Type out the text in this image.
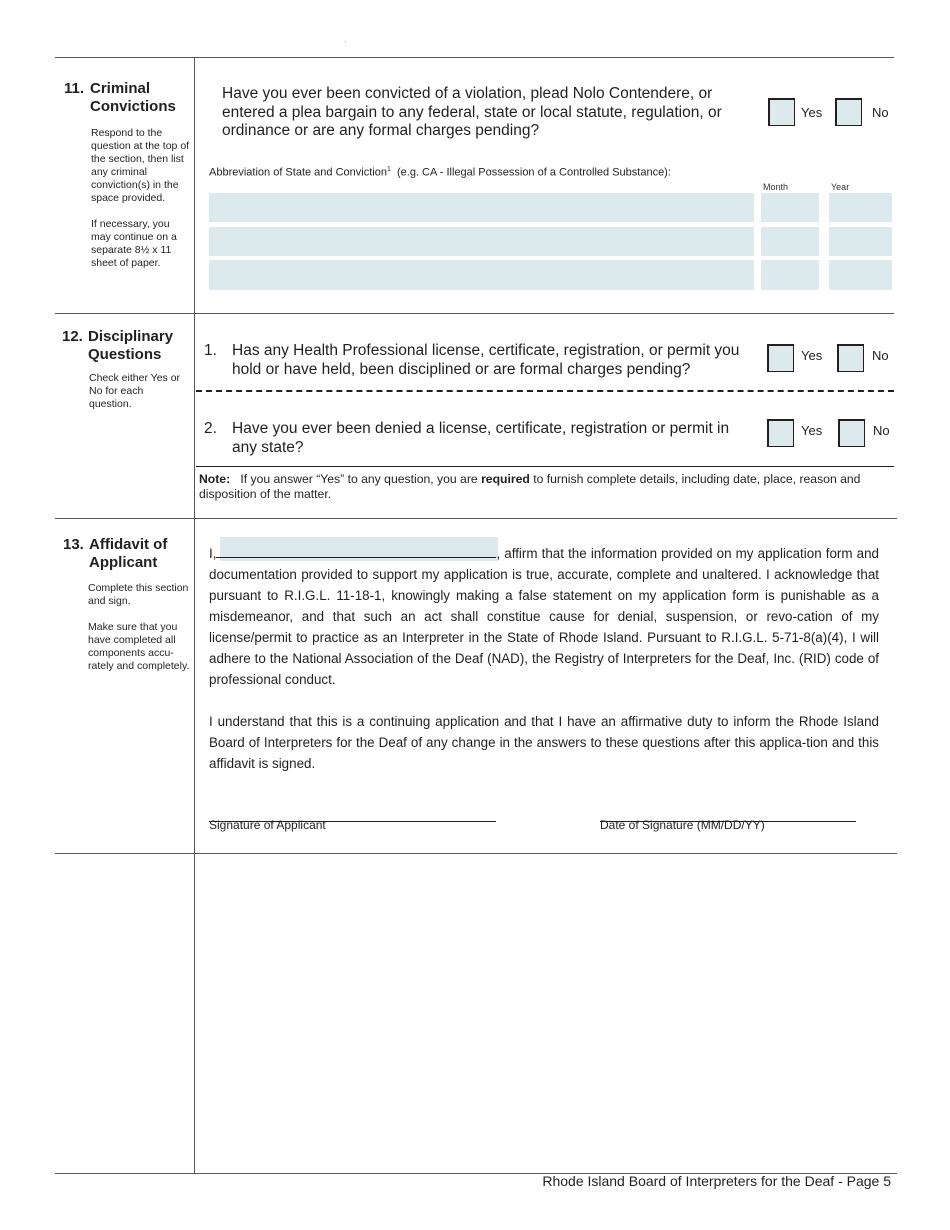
'
11. Criminal
Convictions

Respond to the question at the top of the section, then list any criminal conviction(s) in the space provided.

If necessary, you may continue on a separate 8½ x 11 sheet of paper.

Have you ever been convicted of a violation, plead Nolo Contendere, or entered a plea bargain to any federal, state or local statute, regulation, or ordinance or are any formal charges pending?
Yes	No
Abbreviation of State and Conviction$^1$ (e.g. CA - Illegal Possession of a Controlled Substance):
Month	Year
12. Disciplinary
Questions
Check either Yes or No for each question.
1. Has any Health Professional license, certificate, registration, or permit you hold or have held, been disciplined or are formal charges pending?
Yes	No
2. Have you ever been denied a license, certificate, registration or permit in any state?
Yes	No
Note: If you answer “Yes” to any question, you are required to furnish complete details, including date, place, reason and disposition of the matter.
13. Affidavit of
Applicant

Complete this section and sign.

Make sure that you have completed all components accu-rately and completely.

I,	, affirm that the information provided on my application form and documentation provided to support my application is true, accurate, complete and unaltered. I acknowledge that pursuant to R.I.G.L. 11-18-1, knowingly making a false statement on my application form is punishable as a misdemeanor, and that such an act shall constitue cause for denial, suspension, or revo-cation of my license/permit to practice as an Interpreter in the State of Rhode Island. Pursuant to R.I.G.L. 5-71-8(a)(4), I will adhere to the National Association of the Deaf (NAD), the Registry of Interpreters for the Deaf, Inc. (RID) code of professional conduct.
I understand that this is a continuing application and that I have an affirmative duty to inform the Rhode Island Board of Interpreters for the Deaf of any change in the answers to these questions after this applica-tion and this affidavit is signed.
Signature of Applicant	Date of Signature (MM/DD/YY)
Rhode Island Board of Interpreters for the Deaf - Page 5
